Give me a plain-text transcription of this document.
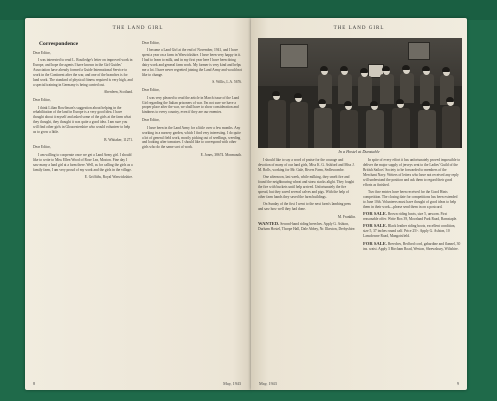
THE LAND GIRL

Correspondence

Dear Editor,

I was interested to read L. Routledge's letter on improved work in Europe, and hope the agents I have known in the Girl Guides' Association have already formed a Guide International Service to work in the Continent after the war, and one of the branches is for land work. The standard of physical fitness required is very high, and a special training in Germany is being carried out.

Aberdeen, Scotland.

Dear Editor,

I think Lilian Rowlinson's suggestion about helping in the rehabilitation of the land in Europe is a very good idea. I have thought about it myself and asked some of the girls at the farm what they thought, they thought it was quite a good idea. I am sure you will find other girls in Gloucestershire who would volunteer to help us to grow a little.

B. Whitaker, 11271.

Dear Editor,

I am willing to cooperate once we get a Land Army girl. I should like to write to Miss Ellen Wood of Rose Lea, Moston. Fine day I saw many a land girl at a farm there. Well, as for calling the girls as a family farm, I am very proud of my work and the girls in the village.

E. Griffiths, Royal Warwickshire.

Dear Editor,

I became a Land Girl at the end of November, 1941, and I have spent a year on a farm in Warwickshire. I have been very happy in it. I had to learn to milk, and in my first year here I have been doing dairy work and general farm work. My farmer is very kind and helps me a lot. I have never regretted joining the Land Army and would not like to change.

S. Willis, L.A. 5676.

Dear Editor,

I was very pleased to read the article in March issue of the Land Girl regarding the Italian prisoners of war. I'm not sure we have a proper place after the war, we shall have to show consideration and kindness to every country, even if they are our enemies.

Dear Editor,

I have been in the Land Army for a little over a few months. Any working in a nursery garden, which I find very interesting. I do quite a lot of general field work, mostly picking out of seedlings, weeding and looking after tomatoes. I should like to correspond with other girls who do the same sort of work.

E. Jones, 38674. Monmouth.

8	May, 1943
THE LAND GIRL
In a Hostel at Dunstable

I should like to say a word of praise for the courage and devotion of many of our land girls, Miss K. G. Ashford and Miss J. M. Rolls, working for Mr. Gale, Rivers Farm, Sedlescombe.

One afternoon, last week, while milking, they smelt fire and found the neighbouring wheat and straw stacks alight. They fought the fire with buckets until help arrived. Unfortunately the fire spread, but they saved several calves and pigs. With the help of other farm hands they saved the farm buildings.

On Sunday of the first I went to the next farm's lambing pens and saw how well they had done.

M. Franklin.

WANTED. Second-hand riding breeches. Apply G. Ashton, Durham Hostel, Thorpe Hall, Dale Abbey, Nr. Ilkeston, Derbyshire.

In spite of every effort it has unfortunately proved impossible to deliver the major supply of jerseys sent to the Ladies' Guild of the British Sailors' Society to be forwarded to members of the Merchant Navy. Writers of letters who have not received any reply will understand the position and ask them to regard their good efforts as finished.

Two fine entries have been received for the Good Hints competition. The closing date for competitions has been extended to June 10th. Volunteers must have thought of good ideas to help them in their work—please send them in on a postcard.

FOR SALE. Brown riding boots, size 5, unworn. First reasonable offer. Write Box 39, Moorland Park Road, Barnstaple.

FOR SALE. Black leather riding boots, excellent condition, size 5, 37 inches round calf. Price 25/-. Apply G. Ashton, 10 Lansdowne Road, Mangotsfield.

FOR SALE. Breeches, Bedford cord, gabardine and flannel, 30 ins. waist. Apply 3 Bircham Road, Weston, Shrewsbury, Wiltshire.

May, 1943	9
